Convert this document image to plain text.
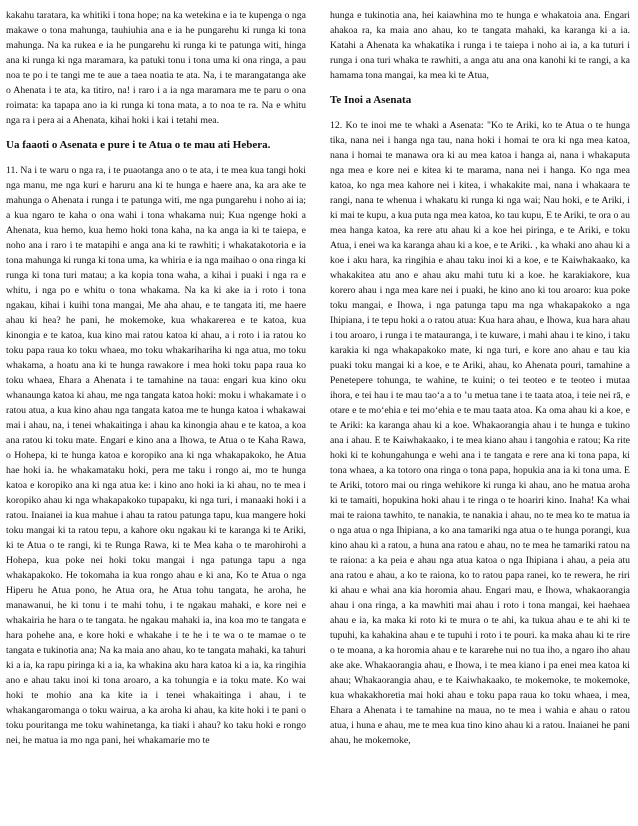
kakahu taratara, ka whitiki i tona hope; na ka wetekina e ia te kupenga o nga makawe o tona mahunga, tauhiuhia ana e ia he pungarehu ki runga ki tona mahunga. Na ka rukea e ia he pungarehu ki runga ki te patunga witi, hinga ana ki runga ki nga maramara, ka patuki tonu i tona uma ki ona ringa, a pau noa te po i te tangi me te aue a taea noatia te ata. Na, i te marangatanga ake o Ahenata i te ata, ka titiro, na! i raro i a ia nga maramara me te paru o ona roimata: ka tapapa ano ia ki runga ki tona mata, a to noa te ra. Na e whitu nga ra i pera ai a Ahenata, kihai hoki i kai i tetahi mea.

Ua faaoti o Asenata e pure i te Atua o te mau ati Hebera.

11. Na i te waru o nga ra, i te puaotanga ano o te ata, i te mea kua tangi hoki nga manu, me nga kuri e haruru ana ki te hunga e haere ana, ka ara ake te mahunga o Ahenata i runga i te patunga witi, me nga pungarehu i noho ai ia; a kua ngaro te kaha o ona wahi i tona whakama nui; Kua ngenge hoki a Ahenata, kua hemo, kua hemo hoki tona kaha, na ka anga ia ki te taiepa, e noho ana i raro i te matapihi e anga ana ki te rawhiti; i whakatakotoria e ia tona mahunga ki runga ki tona uma, ka whiria e ia nga maihao o ona ringa ki runga ki tona turi matau; a ka kopia tona waha, a kihai i puaki i nga ra e whitu, i nga po e whitu o tona whakama. Na ka ki ake ia i roto i tona ngakau, kihai i kuihi tona mangai, Me aha ahau, e te tangata iti, me haere ahau ki hea? he pani, he mokemoke, kua whakarerea e te katoa, kua kinongia e te katoa, kua kino mai ratou katoa ki ahau, a i roto i ia ratou ko toku papa raua ko toku whaea, mo toku whakarihariha ki nga atua, mo toku whakama, a hoatu ana ki te hunga rawakore i mea hoki toku papa raua ko toku whaea, Ehara a Ahenata i te tamahine na taua: engari kua kino oku whanaunga katoa ki ahau, me nga tangata katoa hoki: moku i whakamate i o ratou atua, a kua kino ahau nga tangata katoa me te hunga katoa i whakawai mai i ahau, na, i tenei whakaitinga i ahau ka kinongia ahau e te katoa, a koa ana ratou ki toku mate. Engari e kino ana a Ihowa, te Atua o te Kaha Rawa, o Hohepa, ki te hunga katoa e koropiko ana ki nga whakapakoko, he Atua hae hoki ia. he whakamataku hoki, pera me taku i rongo ai, mo te hunga katoa e koropiko ana ki nga atua ke: i kino ano hoki ia ki ahau, no te mea i koropiko ahau ki nga whakapakoko tupapaku, ki nga turi, i manaaki hoki i a ratou. Inaianei ia kua mahue i ahau ta ratou patunga tapu, kua mangere hoki toku mangai ki ta ratou tepu, a kahore oku ngakau ki te karanga ki te Ariki, ki te Atua o te rangi, ki te Runga Rawa, ki te Mea kaha o te marohirohi a Hohepa, kua poke nei hoki toku mangai i nga patunga tapu a nga whakapakoko. He tokomaha ia kua rongo ahau e ki ana, Ko te Atua o nga Hiperu he Atua pono, he Atua ora, he Atua tohu tangata, he aroha, he manawanui, he ki tonu i te mahi tohu, i te ngakau mahaki, e kore nei e whakairia he hara o te tangata. he ngakau mahaki ia, ina koa mo te tangata e hara pohehe ana, e kore hoki e whakahe i te he i te wa o te mamae o te tangata e tukinotia ana; Na ka maia ano ahau, ko te tangata mahaki, ka tahuri ki a ia, ka rapu piringa ki a ia, ka whakina aku hara katoa ki a ia, ka ringihia ano e ahau taku inoi ki tona aroaro, a ka tohungia e ia toku mate. Ko wai hoki te mohio ana ka kite ia i tenei whakaitinga i ahau, i te whakangaromanga o toku wairua, a ka aroha ki ahau, ka kite hoki i te pani o toku pouritanga me toku wahinetanga, ka tiaki i ahau? ko taku hoki e rongo nei, he matua ia mo nga pani, hei whakamarie mo te

hunga e tukinotia ana, hei kaiawhina mo te hunga e whakatoia ana. Engari ahakoa ra, ka maia ano ahau, ko te tangata mahaki, ka karanga ki a ia. Katahi a Ahenata ka whakatika i runga i te taiepa i noho ai ia, a ka tuturi i runga i ona turi whaka te rawhiti, a anga atu ana ona kanohi ki te rangi, a ka hamama tona mangai, ka mea ki te Atua,

Te Inoi a Asenata

12. Ko te inoi me te whaki a Asenata: "Ko te Ariki, ko te Atua o te hunga tika, nana nei i hanga nga tau, nana hoki i homai te ora ki nga mea katoa, nana i homai te manawa ora ki au mea katoa i hanga ai, nana i whakaputa nga mea e kore nei e kitea ki te marama, nana nei i hanga. Ko nga mea katoa, ko nga mea kahore nei i kitea, i whakakite mai, nana i whakaara te rangi, nana te whenua i whakatu ki runga ki nga wai; Nau hoki, e te Ariki, i ki mai te kupu, a kua puta nga mea katoa, ko tau kupu, E te Ariki, te ora o au mea hanga katoa, ka rere atu ahau ki a koe hei piringa, e te Ariki, e toku Atua, i enei wa ka karanga ahau ki a koe, e te Ariki. , ka whaki ano ahau ki a koe i aku hara, ka ringihia e ahau taku inoi ki a koe, e te Kaiwhakaako, ka whakakitea atu ano e ahau aku mahi tutu ki a koe. he karakiakore, kua korero ahau i nga mea kare nei i puaki, he kino ano ki tou aroaro: kua poke toku mangai, e Ihowa, i nga patunga tapu ma nga whakapakoko a nga Ihipiana, i te tepu hoki a o ratou atua: Kua hara ahau, e Ihowa, kua hara ahau i tou aroaro, i runga i te matauranga, i te kuware, i mahi ahau i te kino, i taku karakia ki nga whakapakoko mate, ki nga turi, e kore ano ahau e tau kia puaki toku mangai ki a koe, e te Ariki, ahau, ko Ahenata pouri, tamahine a Penetepere tohunga, te wahine, te kuini; o tei teoteo e te teoteo i mutaa ihora, e tei hau i te mau tao‘a a to ’u metua tane i te taata atoa, i teie nei rā, e otare e te mo‘ehia e tei mo‘ehia e te mau taata atoa. Ka oma ahau ki a koe, e te Ariki: ka karanga ahau ki a koe. Whakaorangia ahau i te hunga e tukino ana i ahau. E te Kaiwhakaako, i te mea kiano ahau i tangohia e ratou; Ka rite hoki ki te kohungahunga e wehi ana i te tangata e rere ana ki tona papa, ki tona whaea, a ka totoro ona ringa o tona papa, hopukia ana ia ki tona uma. E te Ariki, totoro mai ou ringa wehikore ki runga ki ahau, ano he matua aroha ki te tamaiti, hopukina hoki ahau i te ringa o te hoariri kino. Inaha! Ka whai mai te raiona tawhito, te nanakia, te nanakia i ahau, no te mea ko te matua ia o nga atua o nga Ihipiana, a ko ana tamariki nga atua o te hunga porangi, kua kino ahau ki a ratou, a huna ana ratou e ahau, no te mea he tamariki ratou na te raiona: a ka peia e ahau nga atua katoa o nga Ihipiana i ahau, a peia atu ana ratou e ahau, a ko te raiona, ko to ratou papa ranei, ko te rewera, he riri ki ahau e whai ana kia horomia ahau. Engari mau, e Ihowa, whakaorangia ahau i ona ringa, a ka mawhiti mai ahau i roto i tona mangai, kei haehaea ahau e ia, ka maka ki roto ki te mura o te ahi, ka tukua ahau e te ahi ki te tupuhi, ka kahakina ahau e te tupuhi i roto i te pouri. ka maka ahau ki te rire o te moana, a ka horomia ahau e te kararehe nui no tua iho, a ngaro iho ahau ake ake. Whakaorangia ahau, e Ihowa, i te mea kiano i pa enei mea katoa ki ahau; Whakaorangia ahau, e te Kaiwhakaako, te mokemoke, te mokemoke, kua whakakhoretia mai hoki ahau e toku papa raua ko toku whaea, i mea, Ehara a Ahenata i te tamahine na maua, no te mea i wahia e ahau o ratou atua, i huna e ahau, me te mea kua tino kino ahau ki a ratou. Inaianei he pani ahau, he mokemoke,
